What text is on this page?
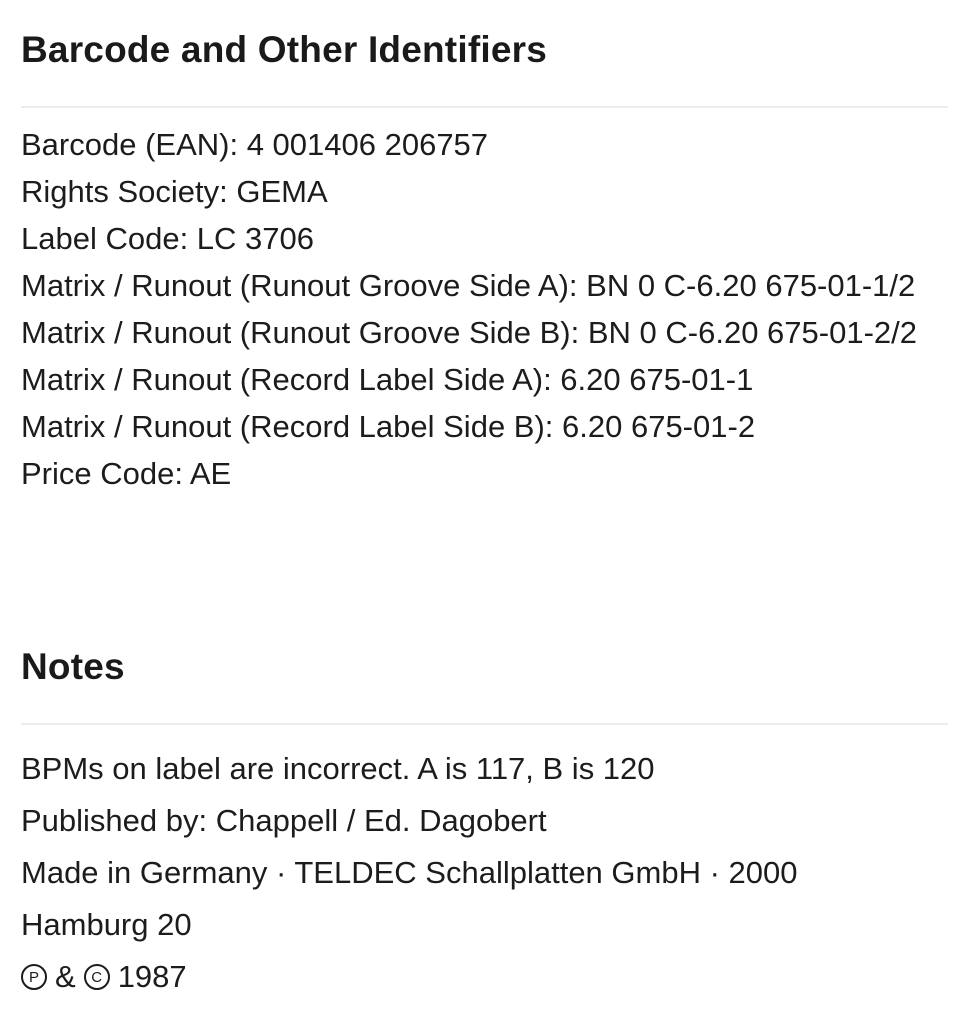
Barcode and Other Identifiers

Barcode (EAN): 4 001406 206757

Rights Society: GEMA

Label Code: LC 3706

Matrix / Runout (Runout Groove Side A): BN 0 C-6.20 675-01-1/2

Matrix / Runout (Runout Groove Side B): BN 0 C-6.20 675-01-2/2

Matrix / Runout (Record Label Side A): 6.20 675-01-1

Matrix / Runout (Record Label Side B): 6.20 675-01-2

Price Code: AE

Notes

BPMs on label are incorrect. A is 117, B is 120

Published by: Chappell / Ed. Dagobert

Made in Germany · TELDEC Schallplatten GmbH · 2000 Hamburg 20

P &	C 1987
